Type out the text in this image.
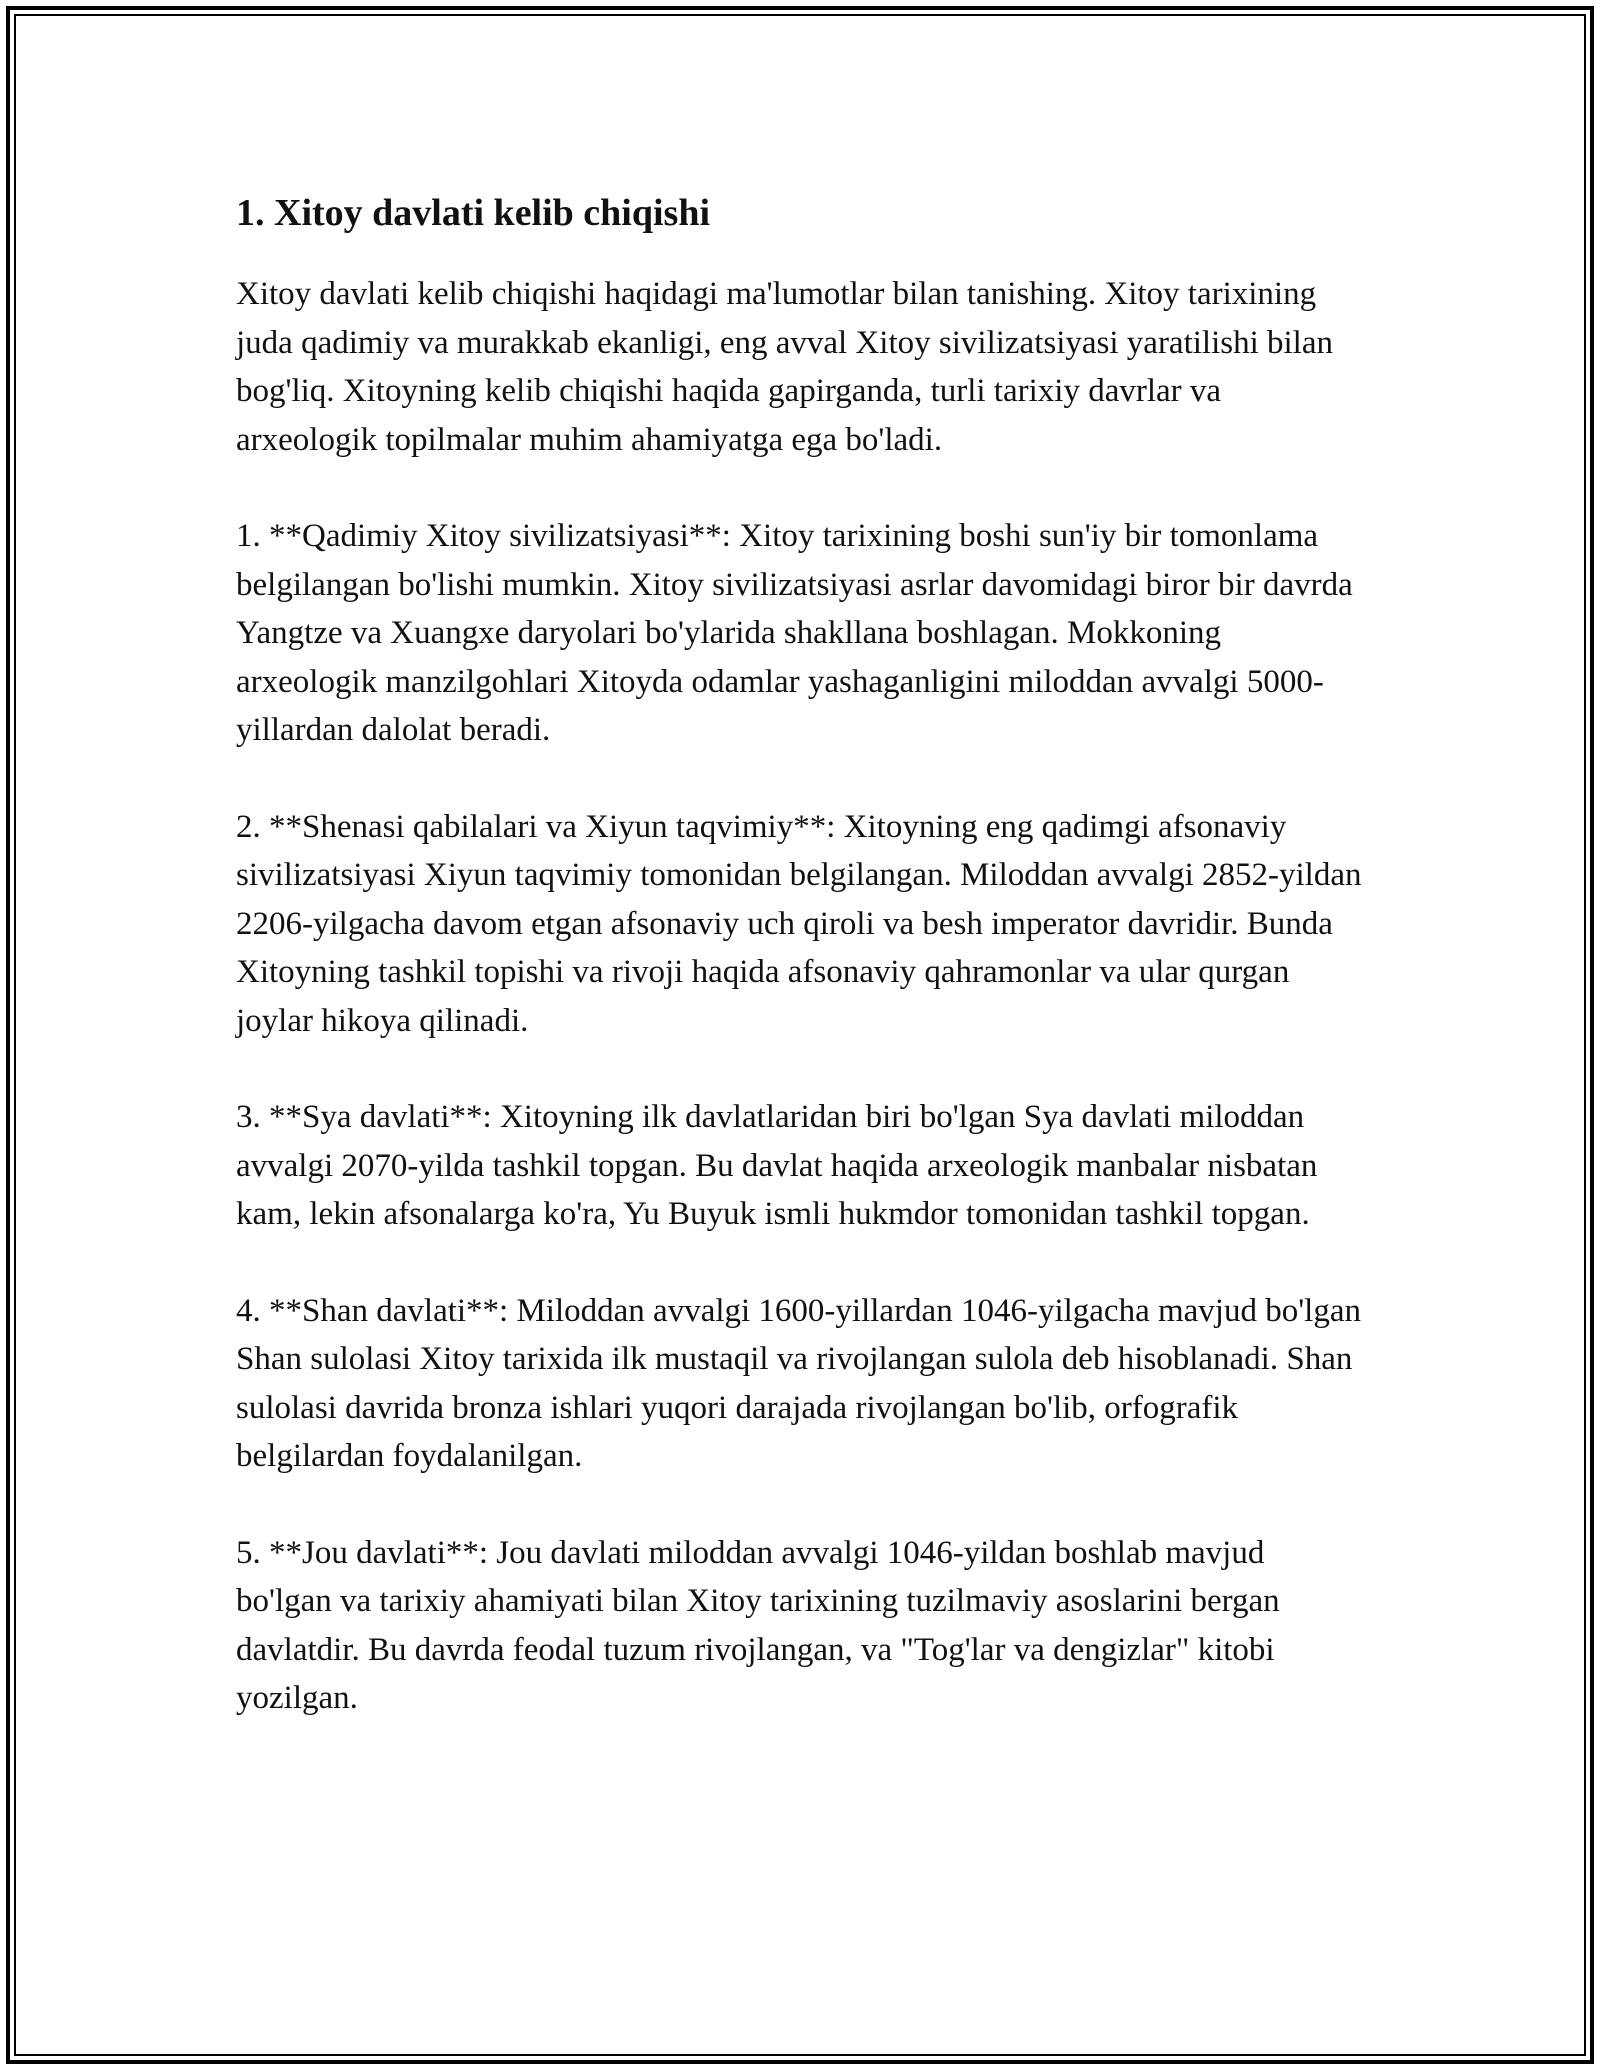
1. Xitoy davlati kelib chiqishi

Xitoy davlati kelib chiqishi haqidagi ma'lumotlar bilan tanishing. Xitoy tarixining juda qadimiy va murakkab ekanligi, eng avval Xitoy sivilizatsiyasi yaratilishi bilan bog'liq. Xitoyning kelib chiqishi haqida gapirganda, turli tarixiy davrlar va arxeologik topilmalar muhim ahamiyatga ega bo'ladi.

1. **Qadimiy Xitoy sivilizatsiyasi**: Xitoy tarixining boshi sun'iy bir tomonlama belgilangan bo'lishi mumkin. Xitoy sivilizatsiyasi asrlar davomidagi biror bir davrda Yangtze va Xuangxe daryolari bo'ylarida shakllana boshlagan. Mokkoning arxeologik manzilgohlari Xitoyda odamlar yashaganligini miloddan avvalgi 5000-yillardan dalolat beradi.

2. **Shenasi qabilalari va Xiyun taqvimiy**: Xitoyning eng qadimgi afsonaviy sivilizatsiyasi Xiyun taqvimiy tomonidan belgilangan. Miloddan avvalgi 2852-yildan 2206-yilgacha davom etgan afsonaviy uch qiroli va besh imperator davridir. Bunda Xitoyning tashkil topishi va rivoji haqida afsonaviy qahramonlar va ular qurgan joylar hikoya qilinadi.

3. **Sya davlati**: Xitoyning ilk davlatlaridan biri bo'lgan Sya davlati miloddan avvalgi 2070-yilda tashkil topgan. Bu davlat haqida arxeologik manbalar nisbatan kam, lekin afsonalarga ko'ra, Yu Buyuk ismli hukmdor tomonidan tashkil topgan.

4. **Shan davlati**: Miloddan avvalgi 1600-yillardan 1046-yilgacha mavjud bo'lgan Shan sulolasi Xitoy tarixida ilk mustaqil va rivojlangan sulola deb hisoblanadi. Shan sulolasi davrida bronza ishlari yuqori darajada rivojlangan bo'lib, orfografik belgilardan foydalanilgan.

5. **Jou davlati**: Jou davlati miloddan avvalgi 1046-yildan boshlab mavjud bo'lgan va tarixiy ahamiyati bilan Xitoy tarixining tuzilmaviy asoslarini bergan davlatdir. Bu davrda feodal tuzum rivojlangan, va "Tog'lar va dengizlar" kitobi yozilgan.
